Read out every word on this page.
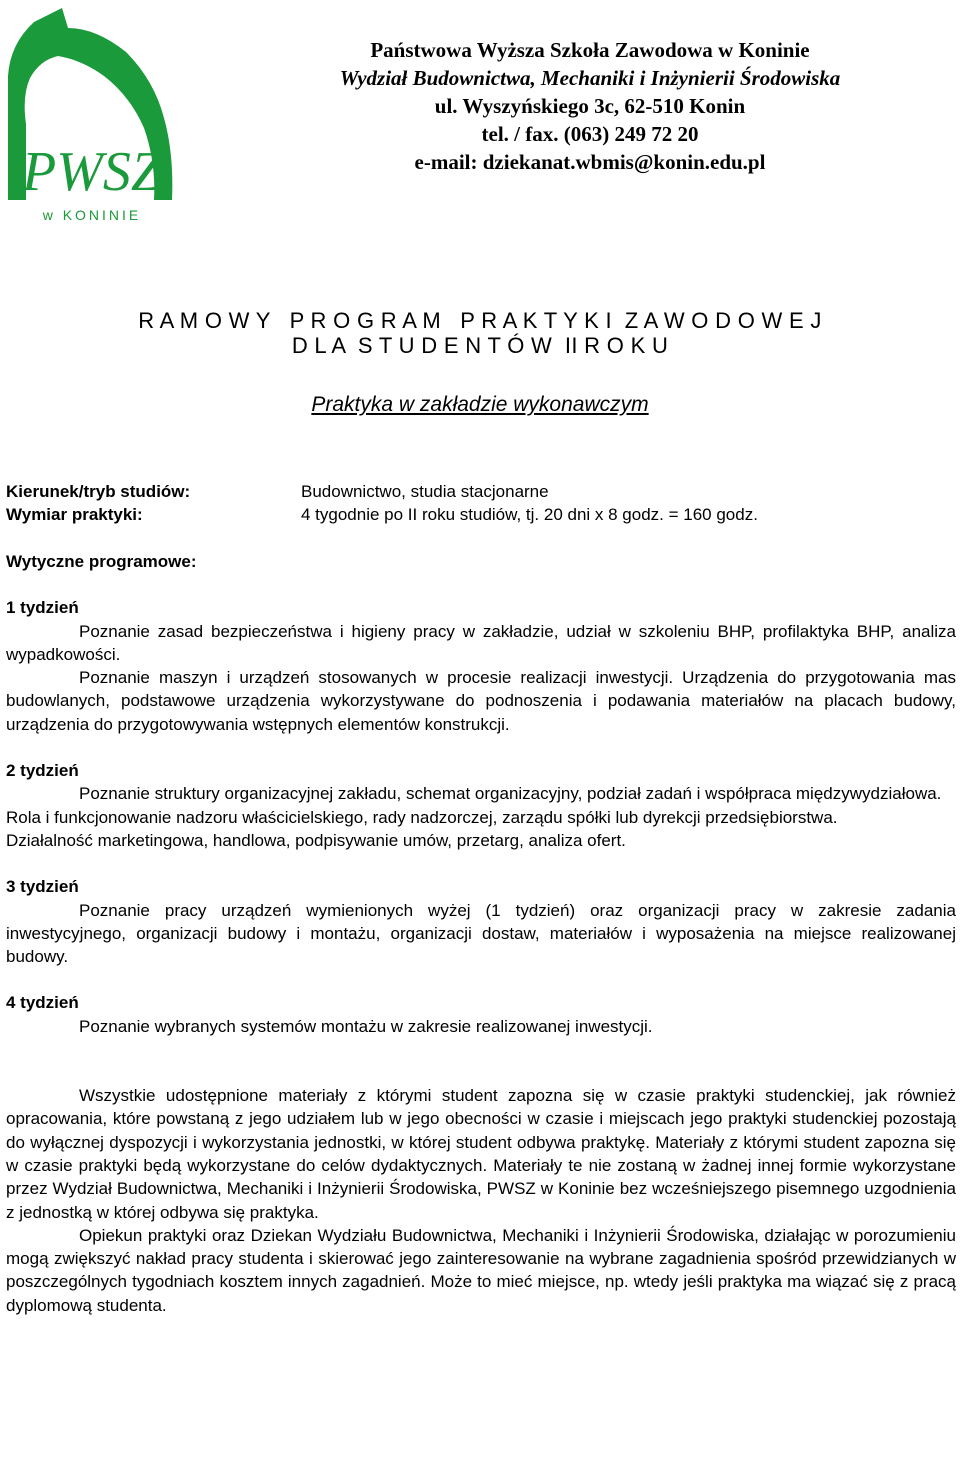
PWSZ
w KONINIE
Państwowa Wyższa Szkoła Zawodowa w Koninie
Wydział Budownictwa, Mechaniki i Inżynierii Środowiska
ul. Wyszyńskiego 3c, 62-510 Konin
tel. / fax. (063) 249 72 20
e-mail: dziekanat.wbmis@konin.edu.pl
R A M O W Y   P R O G R A M   P R A K T Y K I  Z A W O D O W E J
D L A  S T U D E N T Ó W  II R O K U
Praktyka w zakładzie wykonawczym
Kierunek/tryb studiów:	Budownictwo, studia stacjonarne
Wymiar praktyki:	4 tygodnie po II roku studiów, tj. 20 dni x 8 godz. = 160 godz.

Wytyczne programowe:

1 tydzień

Poznanie zasad bezpieczeństwa i higieny pracy w zakładzie, udział w szkoleniu BHP, profilaktyka BHP, analiza wypadkowości.

Poznanie maszyn i urządzeń stosowanych w procesie realizacji inwestycji. Urządzenia do przygotowania mas budowlanych, podstawowe urządzenia wykorzystywane do podnoszenia i podawania materiałów na placach budowy, urządzenia do przygotowywania wstępnych elementów konstrukcji.

2 tydzień

Poznanie struktury organizacyjnej zakładu, schemat organizacyjny, podział zadań i współpraca międzywydziałowa.

Rola i funkcjonowanie nadzoru właścicielskiego, rady nadzorczej, zarządu spółki lub dyrekcji przedsiębiorstwa.

Działalność marketingowa, handlowa, podpisywanie umów, przetarg, analiza ofert.

3 tydzień

Poznanie pracy urządzeń wymienionych wyżej (1 tydzień) oraz organizacji pracy w zakresie zadania inwestycyjnego, organizacji budowy i montażu, organizacji dostaw, materiałów i wyposażenia na miejsce realizowanej budowy.

4 tydzień

Poznanie wybranych systemów montażu w zakresie realizowanej inwestycji.

Wszystkie udostępnione materiały z którymi student zapozna się w czasie praktyki studenckiej, jak również opracowania, które powstaną z jego udziałem lub w jego obecności w czasie i miejscach jego praktyki studenckiej pozostają do wyłącznej dyspozycji i wykorzystania jednostki, w której student odbywa praktykę. Materiały z którymi student zapozna się w czasie praktyki będą wykorzystane do celów dydaktycznych. Materiały te nie zostaną w żadnej innej formie wykorzystane przez Wydział Budownictwa, Mechaniki i Inżynierii Środowiska, PWSZ w Koninie bez wcześniejszego pisemnego uzgodnienia z jednostką w której odbywa się praktyka.

Opiekun praktyki oraz Dziekan Wydziału Budownictwa, Mechaniki i Inżynierii Środowiska, działając w porozumieniu mogą zwiększyć nakład pracy studenta i skierować jego zainteresowanie na wybrane zagadnienia spośród przewidzianych w poszczególnych tygodniach kosztem innych zagadnień. Może to mieć miejsce, np. wtedy jeśli praktyka ma wiązać się z pracą dyplomową studenta.
